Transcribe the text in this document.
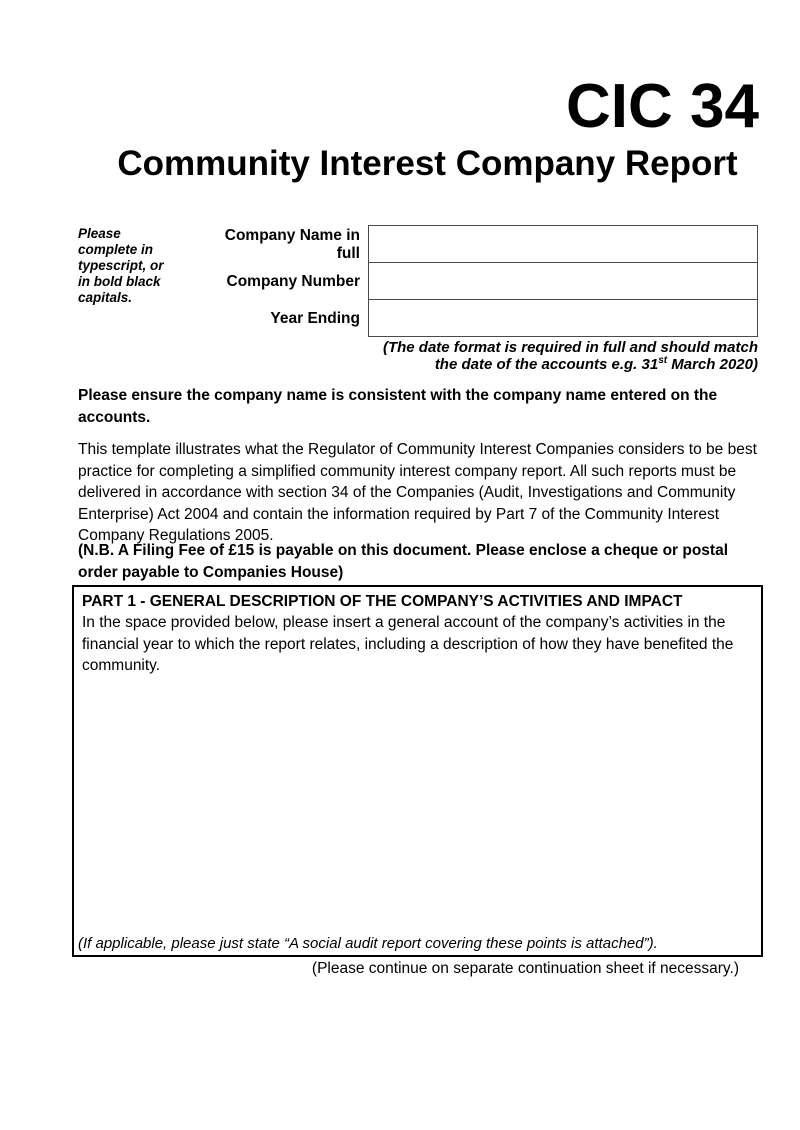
CIC 34
Community Interest Company Report
Please
complete in
typescript, or
in bold black
capitals.
Company Name in full
Company Number
Year Ending
(The date format is required in full and should match
the date of the accounts e.g. 31st March 2020)

Please ensure the company name is consistent with the company name entered on the accounts.

This template illustrates what the Regulator of Community Interest Companies considers to be best practice for completing a simplified community interest company report. All such reports must be delivered in accordance with section 34 of the Companies (Audit, Investigations and Community Enterprise) Act 2004 and contain the information required by Part 7 of the Community Interest Company Regulations 2005.

(N.B. A Filing Fee of £15 is payable on this document. Please enclose a cheque or postal order payable to Companies House)

PART 1 - GENERAL DESCRIPTION OF THE COMPANY’S ACTIVITIES AND IMPACT
In the space provided below, please insert a general account of the company’s activities in the financial year to which the report relates, including a description of how they have benefited the community.
(If applicable, please just state “A social audit report covering these points is attached”).
(Please continue on separate continuation sheet if necessary.)
